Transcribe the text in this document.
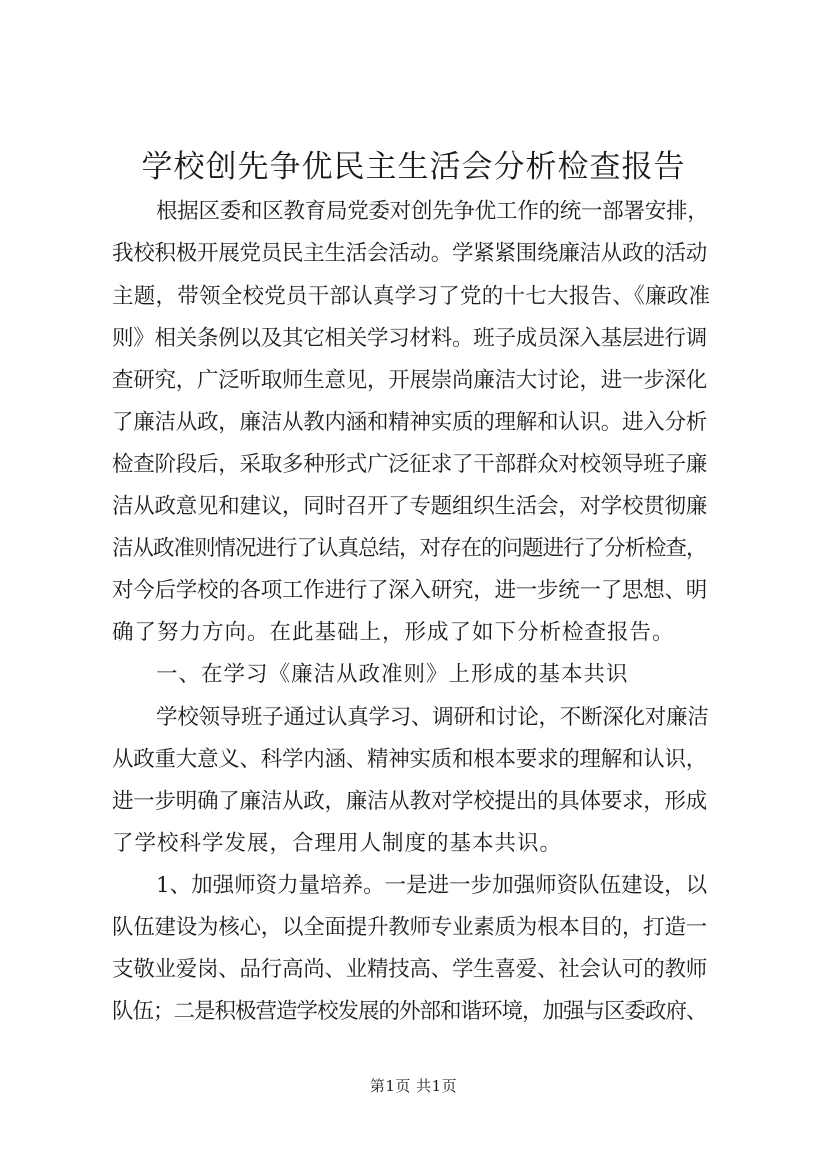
学校创先争优民主生活会分析检查报告

根据区委和区教育局党委对创先争优工作的统一部署安排，

我校积极开展党员民主生活会活动。学紧紧围绕廉洁从政的活动

主题，带领全校党员干部认真学习了党的十七大报告、《廉政准

则》相关条例以及其它相关学习材料。班子成员深入基层进行调

查研究，广泛听取师生意见，开展崇尚廉洁大讨论，进一步深化

了廉洁从政，廉洁从教内涵和精神实质的理解和认识。进入分析

检查阶段后，采取多种形式广泛征求了干部群众对校领导班子廉

洁从政意见和建议，同时召开了专题组织生活会，对学校贯彻廉

洁从政准则情况进行了认真总结，对存在的问题进行了分析检查，

对今后学校的各项工作进行了深入研究，进一步统一了思想、明

确了努力方向。在此基础上，形成了如下分析检查报告。

一、在学习《廉洁从政准则》上形成的基本共识

学校领导班子通过认真学习、调研和讨论，不断深化对廉洁

从政重大意义、科学内涵、精神实质和根本要求的理解和认识，

进一步明确了廉洁从政，廉洁从教对学校提出的具体要求，形成

了学校科学发展，合理用人制度的基本共识。

1、加强师资力量培养。一是进一步加强师资队伍建设，以

队伍建设为核心，以全面提升教师专业素质为根本目的，打造一

支敬业爱岗、品行高尚、业精技高、学生喜爱、社会认可的教师

队伍；二是积极营造学校发展的外部和谐环境，加强与区委政府、

第1页 共1页
